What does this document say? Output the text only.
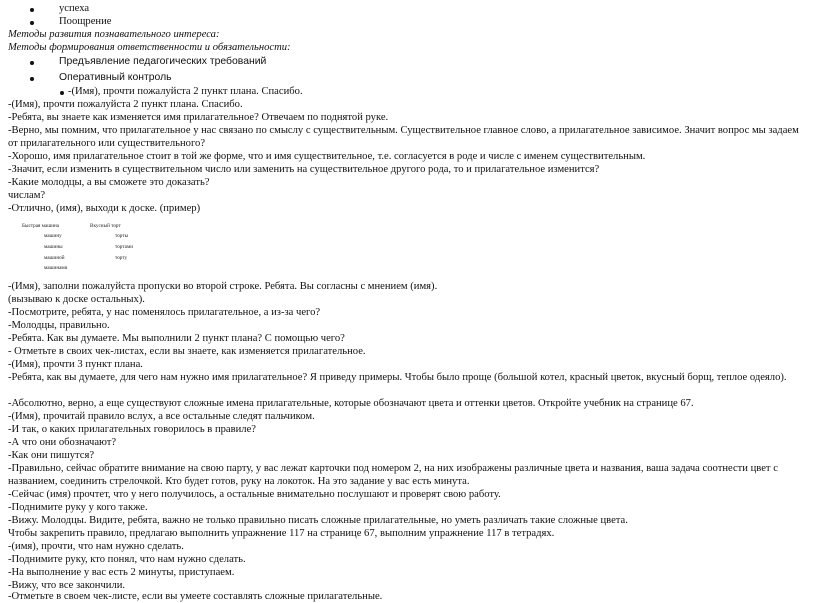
успеха
Поощрение
Методы развития познавательного интереса:
Методы формирования ответственности и обязательности:
Предъявление педагогических требований
Оперативный контроль
-(Имя), прочти пожалуйста 2 пункт плана. Спасибо.
-(Имя), прочти пожалуйста 2 пункт плана. Спасибо.
-Ребята, вы знаете как изменяется имя прилагательное? Отвечаем по поднятой руке.
-Верно, мы помним, что прилагательное у нас связано по смыслу с существительным. Существительное главное слово, а прилагательное зависимое. Значит вопрос мы задаем от прилагательного или существительного?
-Хорошо, имя прилагательное стоит в той же форме, что и имя существительное, т.е. согласуется в роде и числе с именем существительным.
-Значит, если изменить в существительном число или заменить на существительное другого рода, то и прилагательное изменится?
-Какие молодцы, а вы сможете это доказать?
числам?
-Отлично, (имя), выходи к доске. (пример)
Быстрая машина
машину
машины
машиной
машинами
Вкусный торт
торты
тортами
торту
-(Имя), заполни пожалуйста пропуски во второй строке. Ребята. Вы согласны с мнением (имя).
(вызываю к доске остальных).
-Посмотрите, ребята, у нас поменялось прилагательное, а из-за чего?
-Молодцы, правильно.
-Ребята. Как вы думаете. Мы выполнили 2 пункт плана? С помощью чего?
- Отметьте в своих чек-листах, если вы знаете, как изменяется прилагательное.
-(Имя), прочти 3 пункт плана.
-Ребята, как вы думаете, для чего нам нужно имя прилагательное? Я приведу примеры. Чтобы было проще (большой котел, красный цветок, вкусный борщ, теплое одеяло).
-Абсолютно, верно, а еще существуют сложные имена прилагательные, которые обозначают цвета и оттенки цветов. Откройте учебник на странице 67.
-(Имя), прочитай правило вслух, а все остальные следят пальчиком.
-И так, о каких прилагательных говорилось в правиле?
-А что они обозначают?
-Как они пишутся?
-Правильно, сейчас обратите внимание на свою парту, у вас лежат карточки под номером 2, на них изображены различные цвета и названия, ваша задача соотнести цвет с названием, соединить стрелочкой. Кто будет готов, руку на локоток. На это задание у вас есть минута.
-Сейчас (имя) прочтет, что у него получилось, а остальные внимательно послушают и проверят свою работу.
-Поднимите руку у кого также.
-Вижу. Молодцы. Видите, ребята, важно не только правильно писать сложные прилагательные, но уметь различать такие сложные цвета.
Чтобы закрепить правило, предлагаю выполнить упражнение 117 на странице 67, выполним упражнение 117 в тетрадях.
-(имя), прочти, что нам нужно сделать.
-Поднимите руку, кто понял, что нам нужно сделать.
-На выполнение у вас есть 2 минуты, приступаем.
-Вижу, что все закончили.
-Отметьте в своем чек-листе, если вы умеете составлять сложные прилагательные.
